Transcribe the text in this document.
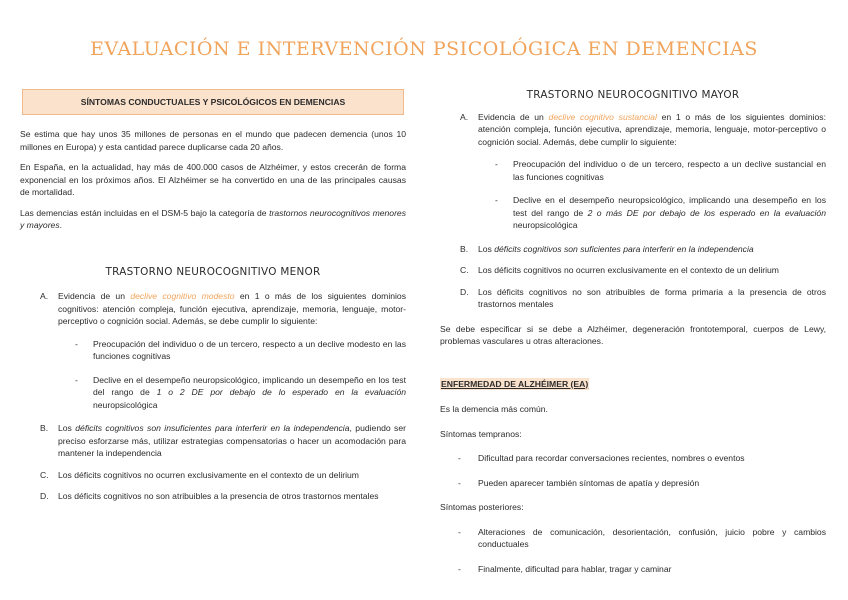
EVALUACIÓN E INTERVENCIÓN PSICOLÓGICA EN DEMENCIAS
SÍNTOMAS CONDUCTUALES Y PSICOLÓGICOS EN DEMENCIAS

Se estima que hay unos 35 millones de personas en el mundo que padecen demencia (unos 10 millones en Europa) y esta cantidad parece duplicarse cada 20 años.

En España, en la actualidad, hay más de 400.000 casos de Alzhéimer, y estos crecerán de forma exponencial en los próximos años. El Alzhéimer se ha convertido en una de las principales causas de mortalidad.

Las demencias están incluidas en el DSM-5 bajo la categoría de trastornos neurocognitivos menores y mayores.

TRASTORNO NEUROCOGNITIVO MENOR
A. Evidencia de un declive cognitivo modesto en 1 o más de los siguientes dominios cognitivos: atención compleja, función ejecutiva, aprendizaje, memoria, lenguaje, motor-perceptivo o cognición social. Además, se debe cumplir lo siguiente:
- Preocupación del individuo o de un tercero, respecto a un declive modesto en las funciones cognitivas
- Declive en el desempeño neuropsicológico, implicando un desempeño en los test del rango de 1 o 2 DE por debajo de lo esperado en la evaluación neuropsicológica
B. Los déficits cognitivos son insuficientes para interferir en la independencia, pudiendo ser preciso esforzarse más, utilizar estrategias compensatorias o hacer un acomodación para mantener la independencia
C. Los déficits cognitivos no ocurren exclusivamente en el contexto de un delirium
D. Los déficits cognitivos no son atribuibles a la presencia de otros trastornos mentales
TRASTORNO NEUROCOGNITIVO MAYOR
A. Evidencia de un declive cognitivo sustancial en 1 o más de los siguientes dominios: atención compleja, función ejecutiva, aprendizaje, memoria, lenguaje, motor-perceptivo o cognición social. Además, debe cumplir lo siguiente:
- Preocupación del individuo o de un tercero, respecto a un declive sustancial en las funciones cognitivas
- Declive en el desempeño neuropsicológico, implicando una desempeño en los test del rango de 2 o más DE por debajo de los esperado en la evaluación neuropsicológica
B. Los déficits cognitivos son suficientes para interferir en la independencia
C. Los déficits cognitivos no ocurren exclusivamente en el contexto de un delirium
D. Los déficits cognitivos no son atribuibles de forma primaria a la presencia de otros trastornos mentales

Se debe especificar si se debe a Alzhéimer, degeneración frontotemporal, cuerpos de Lewy, problemas vasculares u otras alteraciones.

ENFERMEDAD DE ALZHÉIMER (EA)
Es la demencia más común.
Síntomas tempranos:
- Dificultad para recordar conversaciones recientes, nombres o eventos
- Pueden aparecer también síntomas de apatía y depresión
Síntomas posteriores:
- Alteraciones de comunicación, desorientación, confusión, juicio pobre y cambios conductuales
- Finalmente, dificultad para hablar, tragar y caminar
